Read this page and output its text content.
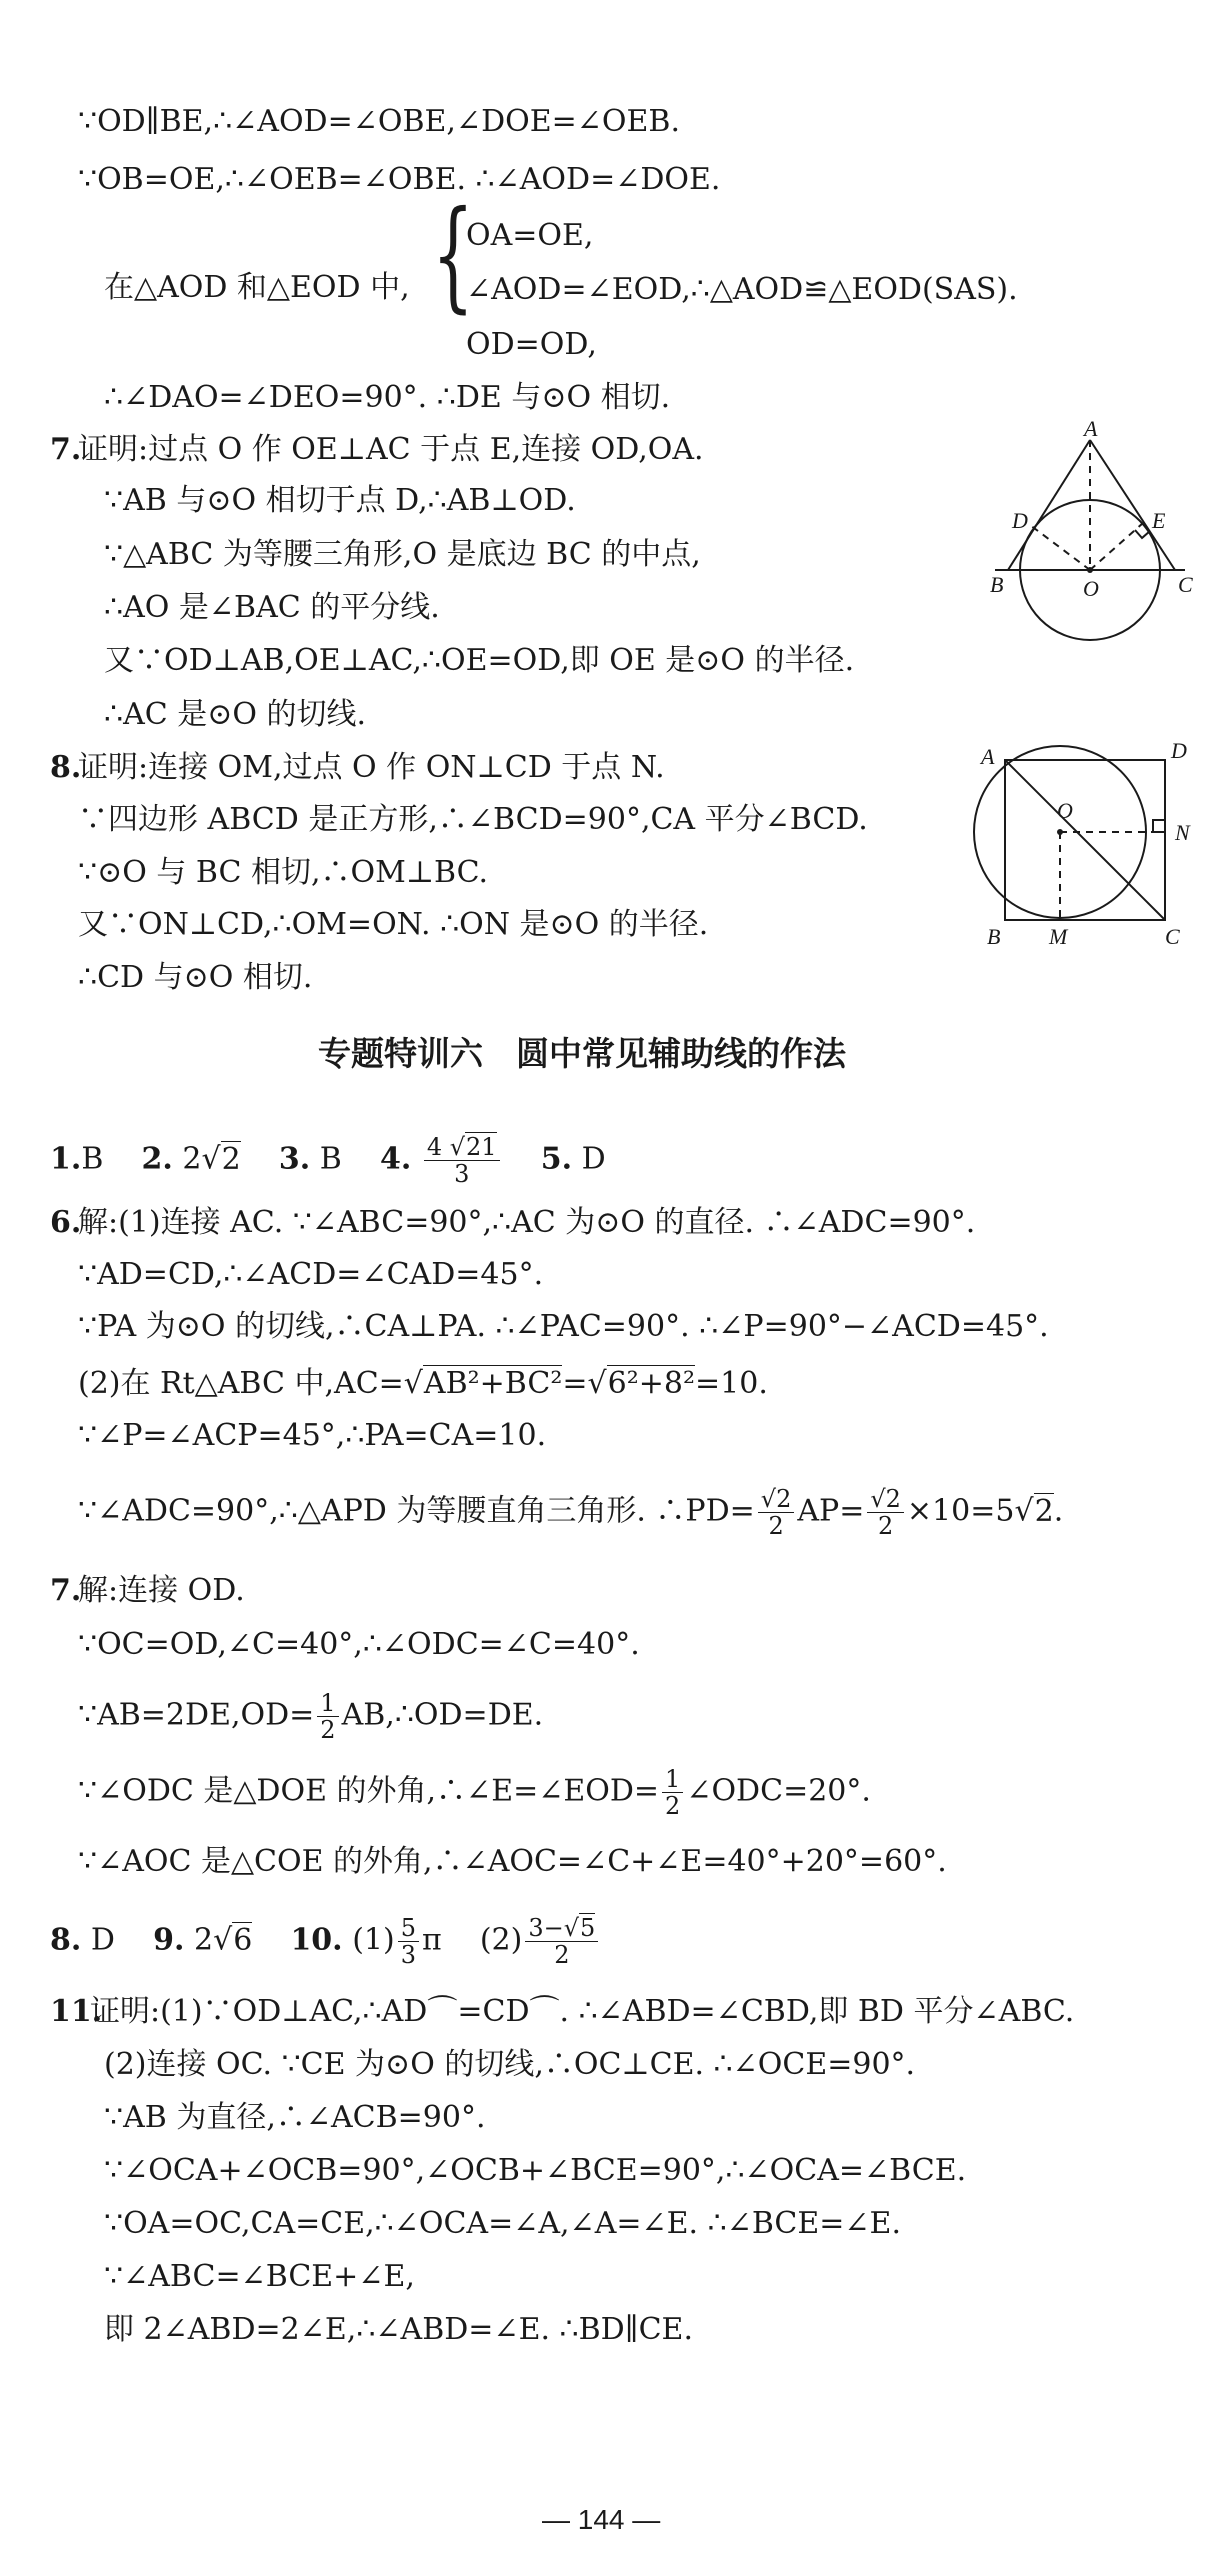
∵OD∥BE,∴∠AOD=∠OBE,∠DOE=∠OEB.
∵OB=OE,∴∠OEB=∠OBE. ∴∠AOD=∠DOE.
在△AOD 和△EOD 中, {
OA=OE,
∠AOD=∠EOD,∴△AOD≌△EOD(SAS).
OD=OD,
∴∠DAO=∠DEO=90°. ∴DE 与⊙O 相切.
7.
证明:过点 O 作 OE⊥AC 于点 E,连接 OD,OA.
∵AB 与⊙O 相切于点 D,∴AB⊥OD.
∵△ABC 为等腰三角形,O 是底边 BC 的中点,
∴AO 是∠BAC 的平分线.
又∵OD⊥AB,OE⊥AC,∴OE=OD,即 OE 是⊙O 的半径.
∴AC 是⊙O 的切线.
A
D	E
B	O	C
8.
证明:连接 OM,过点 O 作 ON⊥CD 于点 N.
∵四边形 ABCD 是正方形,∴∠BCD=90°,CA 平分∠BCD.
∵⊙O 与 BC 相切,∴OM⊥BC.
又∵ON⊥CD,∴OM=ON. ∴ON 是⊙O 的半径.
∴CD 与⊙O 相切.
A	D
O
N
B M	C
专题特训六　圆中常见辅助线的作法
1.B 2. 2√2 3. B 4. $\frac{4 √21}{3} 5$. D
6.
解:(1)连接 AC. ∵∠ABC=90°,∴AC 为⊙O 的直径. ∴∠ADC=90°.
∵AD=CD,∴∠ACD=∠CAD=45°.
∵PA 为⊙O 的切线,∴CA⊥PA. ∴∠PAC=90°. ∴∠P=90°−∠ACD=45°.
(2)在 Rt△ABC 中,AC=√AB²+BC²=√6²+8²=10.
∵∠P=∠ACP=45°,∴PA=CA=10.
∵∠ADC=90°,∴△APD 为等腰直角三角形. ∴PD= $\frac{√2}{2} AP= \frac{√2}{2} \times 10=5√2$.
7.
解:连接 OD.
∵OC=OD,∠C=40°,∴∠ODC=∠C=40°.
∵AB=2DE,OD= $\frac{1}{2}$ AB,∴OD=DE.
∵∠ODC 是△DOE 的外角,∴∠E=∠EOD= $\frac{1}{2}$ ∠ODC=20°.
∵∠AOC 是△COE 的外角,∴∠AOC=∠C+∠E=40°+20°=60°.
8. D 9. 2√6 10. $(1) \frac{5}{3}$ π $(2) \frac{3-√5}{2}$
11.
证明:(1)∵OD⊥AC,∴AD⌒=CD⌒. ∴∠ABD=∠CBD,即 BD 平分∠ABC.
(2)连接 OC. ∵CE 为⊙O 的切线,∴OC⊥CE. ∴∠OCE=90°.
∵AB 为直径,∴∠ACB=90°.
∵∠OCA+∠OCB=90°,∠OCB+∠BCE=90°,∴∠OCA=∠BCE.
∵OA=OC,CA=CE,∴∠OCA=∠A,∠A=∠E. ∴∠BCE=∠E.
∵∠ABC=∠BCE+∠E,
即 2∠ABD=2∠E,∴∠ABD=∠E. ∴BD∥CE.
— 144 —
